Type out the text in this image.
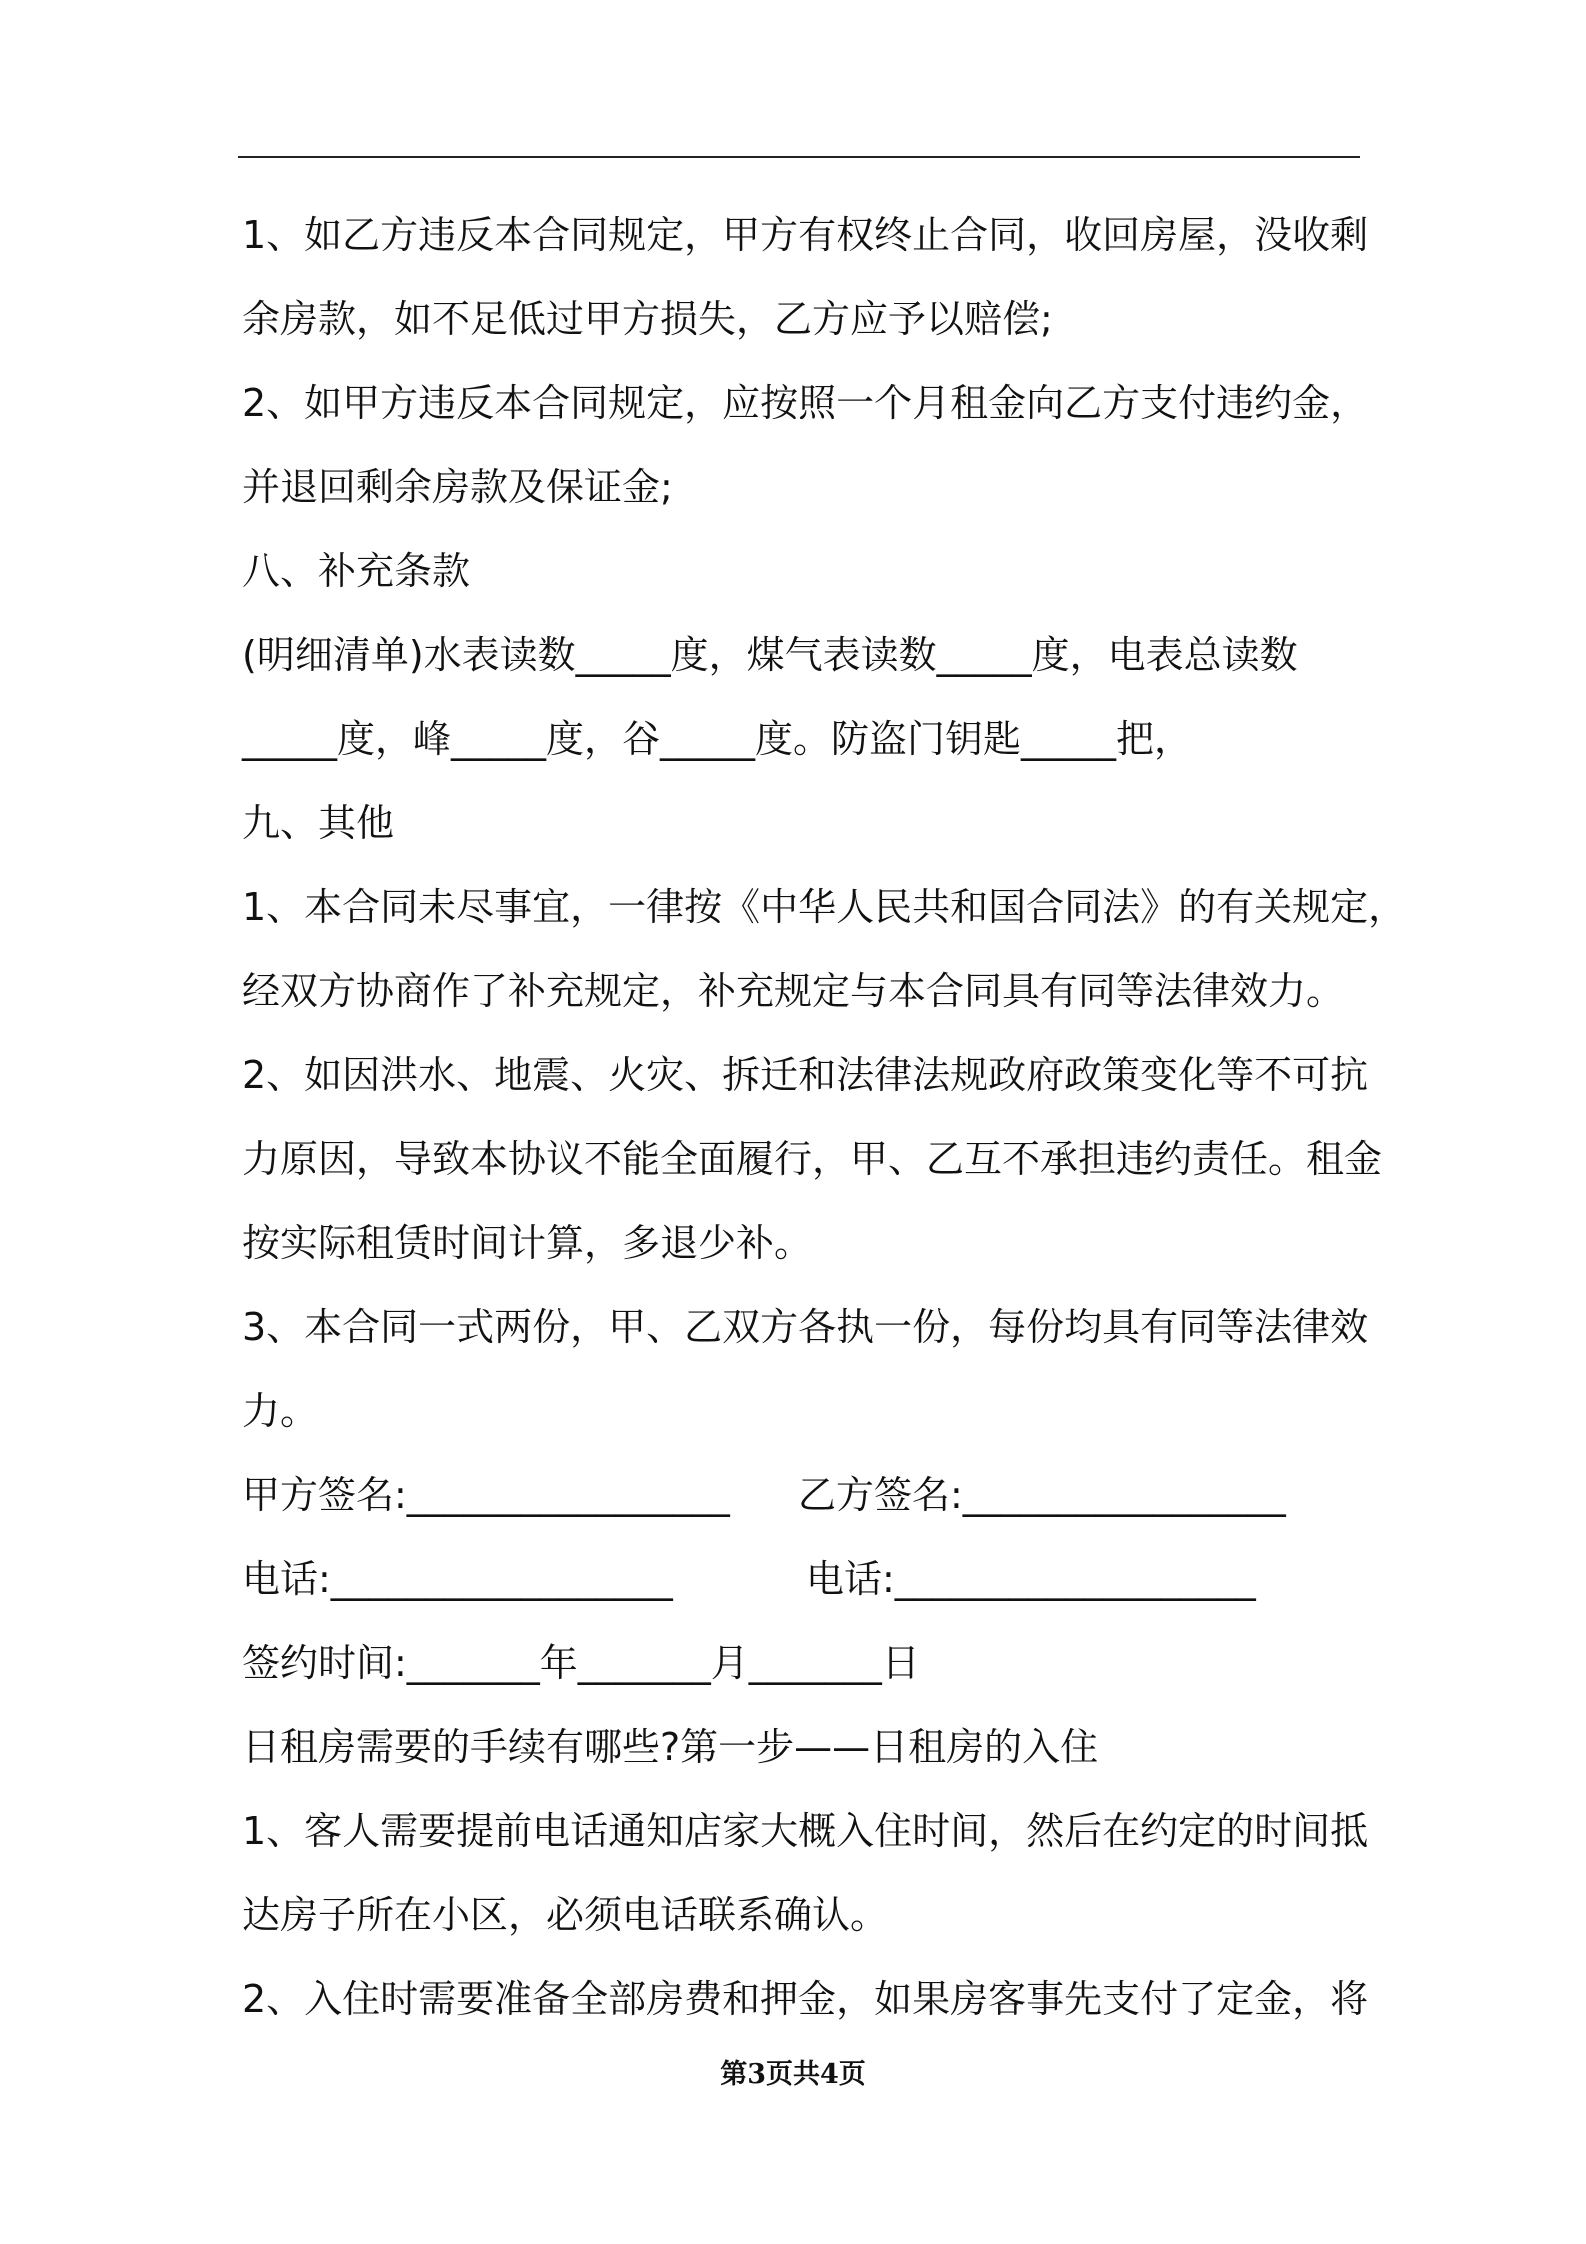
1、如乙方违反本合同规定，甲方有权终止合同，收回房屋，没收剩
余房款，如不足低过甲方损失，乙方应予以赔偿;
2、如甲方违反本合同规定，应按照一个月租金向乙方支付违约金，
并退回剩余房款及保证金;
八、补充条款
(明细清单)水表读数_____度，煤气表读数_____度，电表总读数
_____度，峰_____度，谷_____度。防盗门钥匙_____把，
九、其他
1、本合同未尽事宜，一律按《中华人民共和国合同法》的有关规定，
经双方协商作了补充规定，补充规定与本合同具有同等法律效力。
2、如因洪水、地震、火灾、拆迁和法律法规政府政策变化等不可抗
力原因，导致本协议不能全面履行，甲、乙互不承担违约责任。租金
按实际租赁时间计算，多退少补。
3、本合同一式两份，甲、乙双方各执一份，每份均具有同等法律效
力。
甲方签名:_________________ 乙方签名:_________________
电话:__________________	电话:___________________
签约时间:_______年_______月_______日
日租房需要的手续有哪些?第一步——日租房的入住
1、客人需要提前电话通知店家大概入住时间，然后在约定的时间抵
达房子所在小区，必须电话联系确认。
2、入住时需要准备全部房费和押金，如果房客事先支付了定金，将
第3页共4页
